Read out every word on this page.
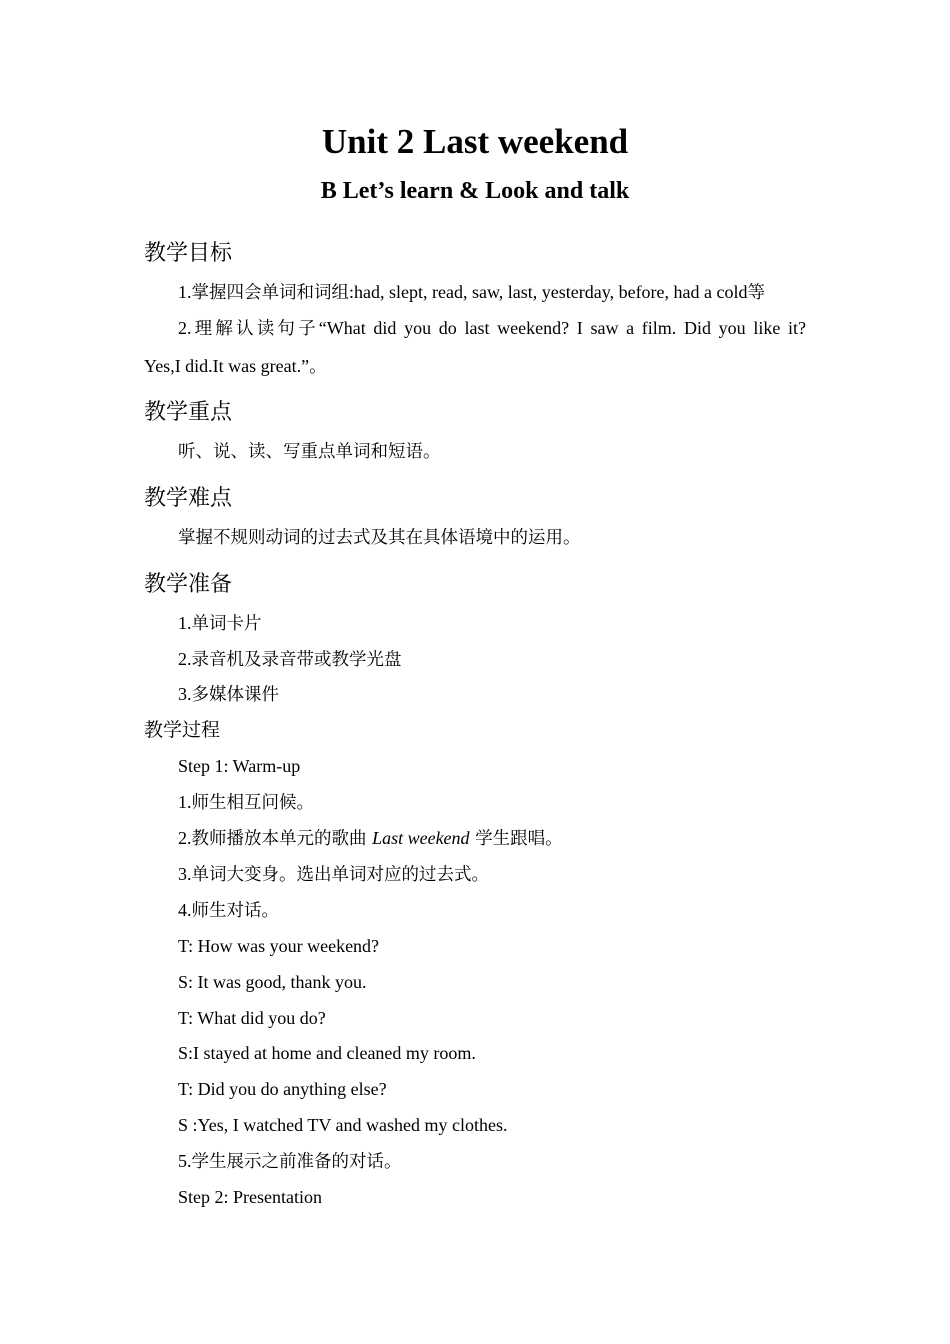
Unit 2 Last weekend
B Let’s learn & Look and talk
教学目标
1.掌握四会单词和词组:had, slept, read, saw, last, yesterday, before, had a cold等
2.理解认读句子“What did you do last weekend? I saw a film. Did you like it?
Yes,I did.It was great.”。
教学重点
听、说、读、写重点单词和短语。
教学难点
掌握不规则动词的过去式及其在具体语境中的运用。
教学准备
1.单词卡片
2.录音机及录音带或教学光盘
3.多媒体课件
教学过程
Step 1: Warm-up
1.师生相互问候。
2.教师播放本单元的歌曲 Last weekend 学生跟唱。
3.单词大变身。选出单词对应的过去式。
4.师生对话。
T: How was your weekend?
S: It was good, thank you.
T: What did you do?
S:I stayed at home and cleaned my room.
T: Did you do anything else?
S :Yes, I watched TV and washed my clothes.
5.学生展示之前准备的对话。
Step 2: Presentation
